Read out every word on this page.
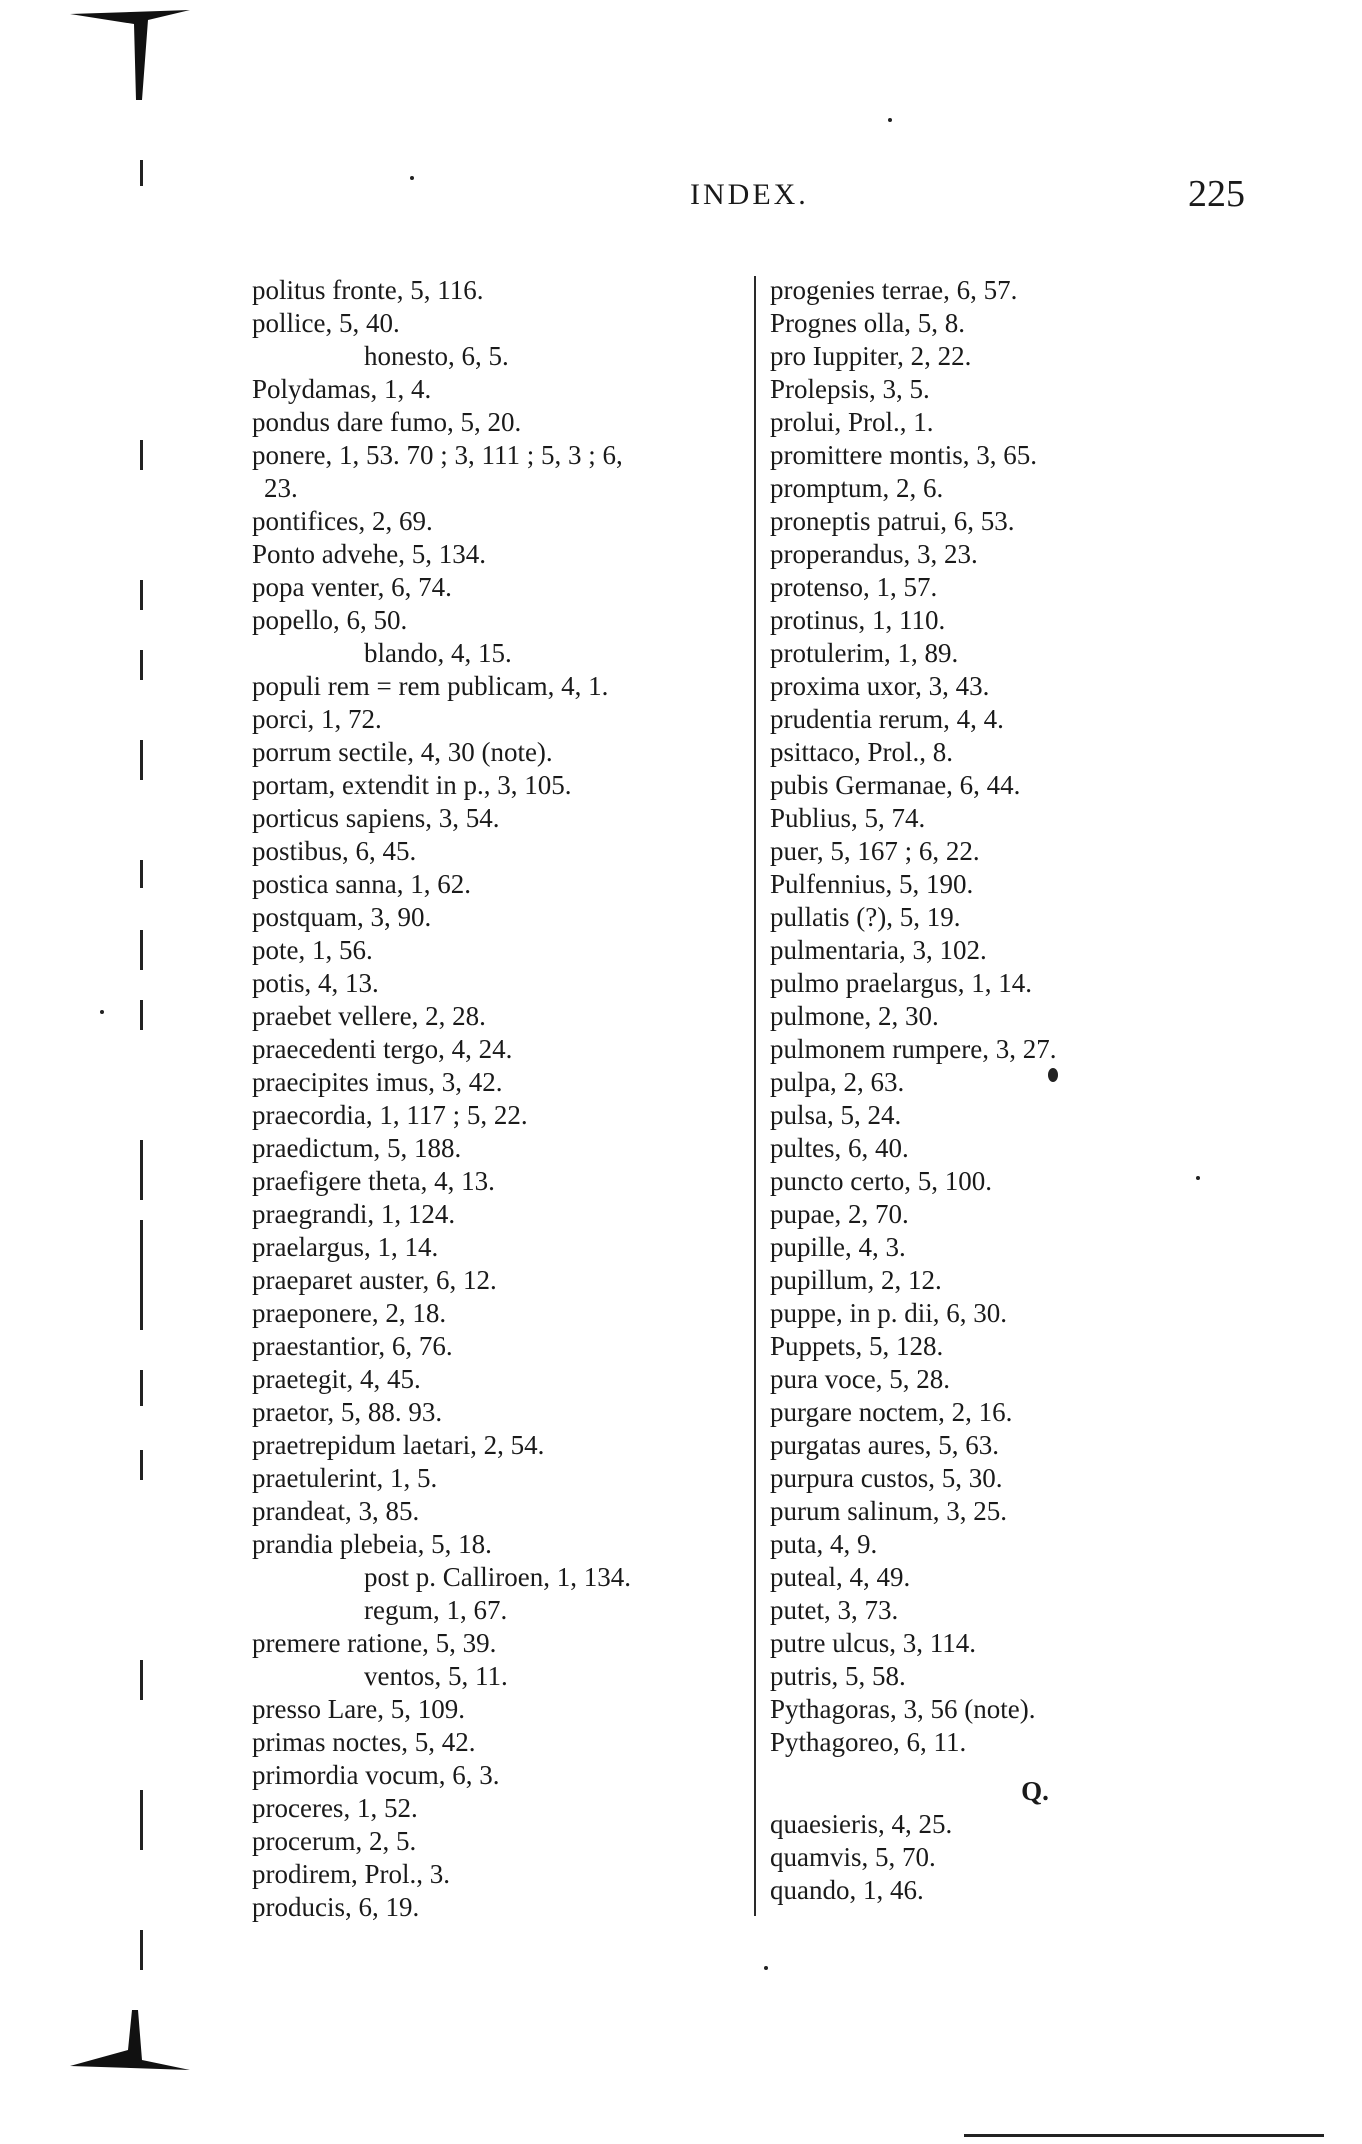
INDEX.	225
politus fronte, 5, 116.
pollice, 5, 40.
honesto, 6, 5.
Polydamas, 1, 4.
pondus dare fumo, 5, 20.
ponere, 1, 53. 70 ; 3, 111 ; 5, 3 ; 6,
23.
pontifices, 2, 69.
Ponto advehe, 5, 134.
popa venter, 6, 74.
popello, 6, 50.
blando, 4, 15.
populi rem = rem publicam, 4, 1.
porci, 1, 72.
porrum sectile, 4, 30 (note).
portam, extendit in p., 3, 105.
porticus sapiens, 3, 54.
postibus, 6, 45.
postica sanna, 1, 62.
postquam, 3, 90.
pote, 1, 56.
potis, 4, 13.
praebet vellere, 2, 28.
praecedenti tergo, 4, 24.
praecipites imus, 3, 42.
praecordia, 1, 117 ; 5, 22.
praedictum, 5, 188.
praefigere theta, 4, 13.
praegrandi, 1, 124.
praelargus, 1, 14.
praeparet auster, 6, 12.
praeponere, 2, 18.
praestantior, 6, 76.
praetegit, 4, 45.
praetor, 5, 88. 93.
praetrepidum laetari, 2, 54.
praetulerint, 1, 5.
prandeat, 3, 85.
prandia plebeia, 5, 18.
post p. Calliroen, 1, 134.
regum, 1, 67.
premere ratione, 5, 39.
ventos, 5, 11.
presso Lare, 5, 109.
primas noctes, 5, 42.
primordia vocum, 6, 3.
proceres, 1, 52.
procerum, 2, 5.
prodirem, Prol., 3.
producis, 6, 19.
progenies terrae, 6, 57.
Prognes olla, 5, 8.
pro Iuppiter, 2, 22.
Prolepsis, 3, 5.
prolui, Prol., 1.
promittere montis, 3, 65.
promptum, 2, 6.
proneptis patrui, 6, 53.
properandus, 3, 23.
protenso, 1, 57.
protinus, 1, 110.
protulerim, 1, 89.
proxima uxor, 3, 43.
prudentia rerum, 4, 4.
psittaco, Prol., 8.
pubis Germanae, 6, 44.
Publius, 5, 74.
puer, 5, 167 ; 6, 22.
Pulfennius, 5, 190.
pullatis (?), 5, 19.
pulmentaria, 3, 102.
pulmo praelargus, 1, 14.
pulmone, 2, 30.
pulmonem rumpere, 3, 27.
pulpa, 2, 63.
pulsa, 5, 24.
pultes, 6, 40.
puncto certo, 5, 100.
pupae, 2, 70.
pupille, 4, 3.
pupillum, 2, 12.
puppe, in p. dii, 6, 30.
Puppets, 5, 128.
pura voce, 5, 28.
purgare noctem, 2, 16.
purgatas aures, 5, 63.
purpura custos, 5, 30.
purum salinum, 3, 25.
puta, 4, 9.
puteal, 4, 49.
putet, 3, 73.
putre ulcus, 3, 114.
putris, 5, 58.
Pythagoras, 3, 56 (note).
Pythagoreo, 6, 11.
Q.
quaesieris, 4, 25.
quamvis, 5, 70.
quando, 1, 46.
